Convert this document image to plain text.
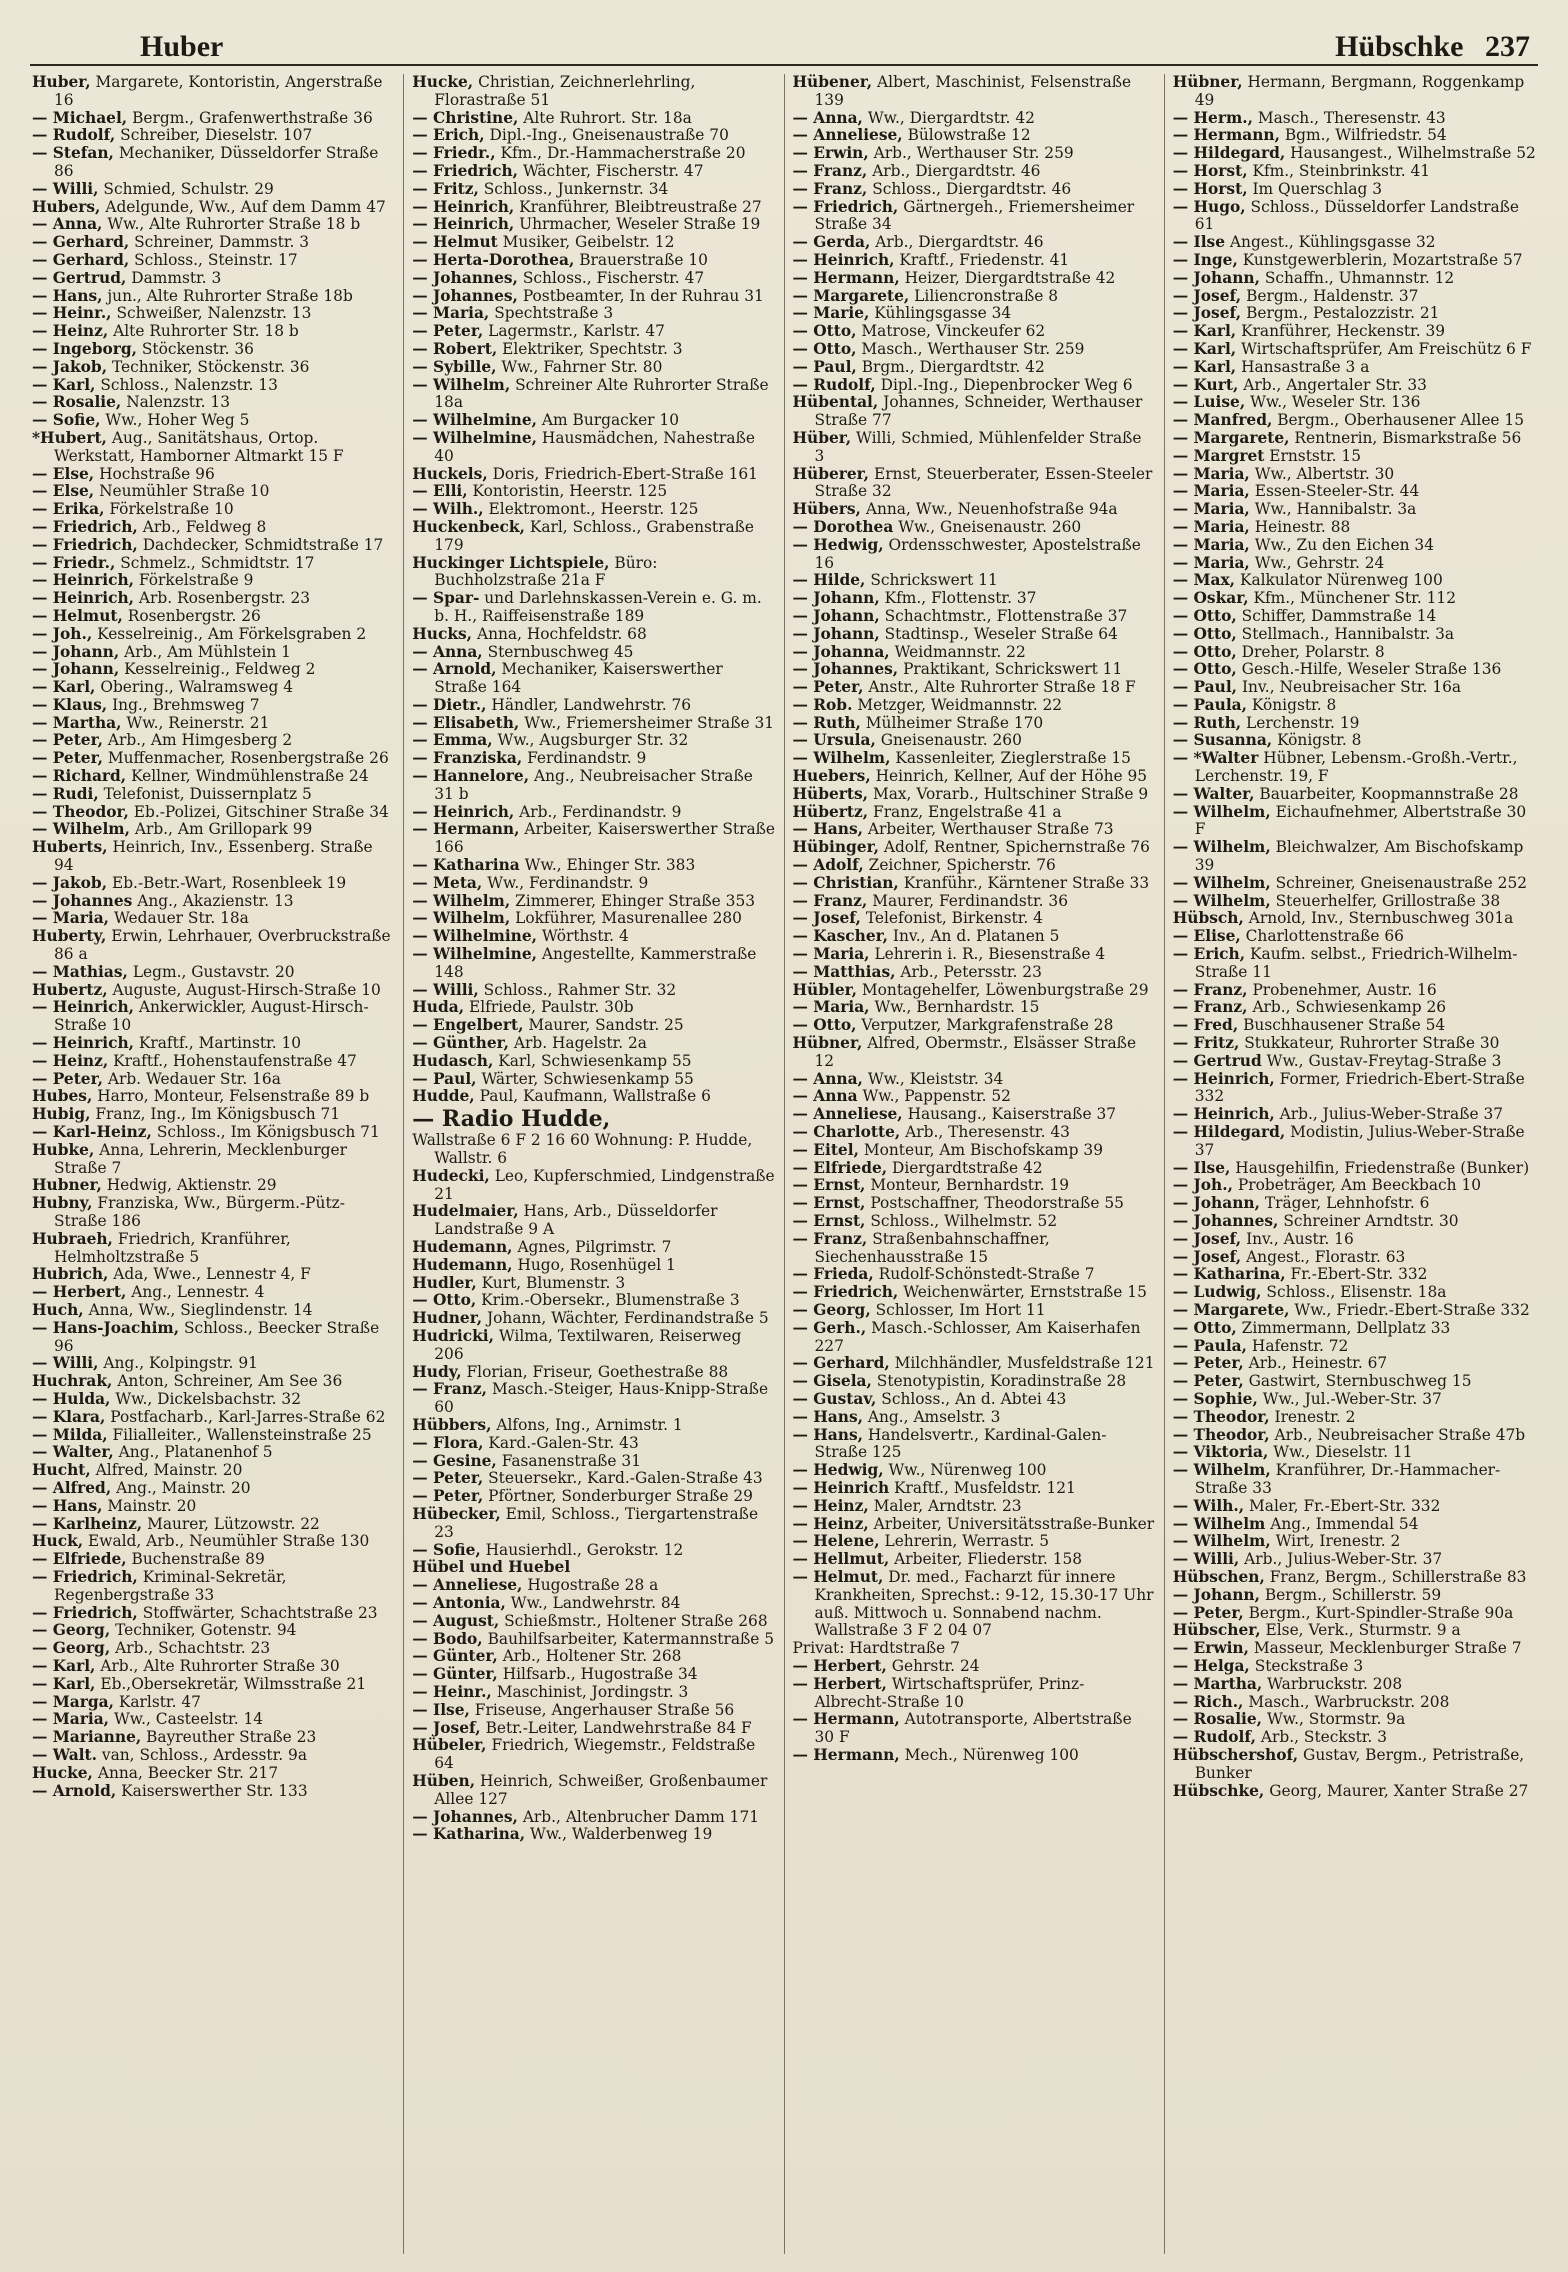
Huber	Hübschke 237

Huber, Margarete, Kontoristin, Angerstraße 16

— Michael, Bergm., Grafenwerthstraße 36

— Rudolf, Schreiber, Dieselstr. 107

— Stefan, Mechaniker, Düsseldorfer Straße 86

— Willi, Schmied, Schulstr. 29

Hubers, Adelgunde, Ww., Auf dem Damm 47

— Anna, Ww., Alte Ruhrorter Straße 18 b

— Gerhard, Schreiner, Dammstr. 3

— Gerhard, Schloss., Steinstr. 17

— Gertrud, Dammstr. 3

— Hans, jun., Alte Ruhrorter Straße 18b

— Heinr., Schweißer, Nalenzstr. 13

— Heinz, Alte Ruhrorter Str. 18 b

— Ingeborg, Stöckenstr. 36

— Jakob, Techniker, Stöckenstr. 36

— Karl, Schloss., Nalenzstr. 13

— Rosalie, Nalenzstr. 13

— Sofie, Ww., Hoher Weg 5

*Hubert, Aug., Sanitätshaus, Ortop. Werkstatt, Hamborner Altmarkt 15 F

— Else, Hochstraße 96

— Else, Neumühler Straße 10

— Erika, Förkelstraße 10

— Friedrich, Arb., Feldweg 8

— Friedrich, Dachdecker, Schmidtstraße 17

— Friedr., Schmelz., Schmidtstr. 17

— Heinrich, Förkelstraße 9

— Heinrich, Arb. Rosenbergstr. 23

— Helmut, Rosenbergstr. 26

— Joh., Kesselreinig., Am Förkelsgraben 2

— Johann, Arb., Am Mühlstein 1

— Johann, Kesselreinig., Feldweg 2

— Karl, Obering., Walramsweg 4

— Klaus, Ing., Brehmsweg 7

— Martha, Ww., Reinerstr. 21

— Peter, Arb., Am Himgesberg 2

— Peter, Muffenmacher, Rosenbergstraße 26

— Richard, Kellner, Windmühlenstraße 24

— Rudi, Telefonist, Duissernplatz 5

— Theodor, Eb.-Polizei, Gitschiner Straße 34

— Wilhelm, Arb., Am Grillopark 99

Huberts, Heinrich, Inv., Essenberg. Straße 94

— Jakob, Eb.-Betr.-Wart, Rosenbleek 19

— Johannes Ang., Akazienstr. 13

— Maria, Wedauer Str. 18a

Huberty, Erwin, Lehrhauer, Overbruckstraße 86 a

— Mathias, Legm., Gustavstr. 20

Hubertz, Auguste, August-Hirsch-Straße 10

— Heinrich, Ankerwickler, August-Hirsch-Straße 10

— Heinrich, Kraftf., Martinstr. 10

— Heinz, Kraftf., Hohenstaufenstraße 47

— Peter, Arb. Wedauer Str. 16a

Hubes, Harro, Monteur, Felsenstraße 89 b

Hubig, Franz, Ing., Im Königsbusch 71

— Karl-Heinz, Schloss., Im Königsbusch 71

Hubke, Anna, Lehrerin, Mecklenburger Straße 7

Hubner, Hedwig, Aktienstr. 29

Hubny, Franziska, Ww., Bürgerm.-Pütz-Straße 186

Hubraeh, Friedrich, Kranführer, Helmholtzstraße 5

Hubrich, Ada, Wwe., Lennestr 4, F

— Herbert, Ang., Lennestr. 4

Huch, Anna, Ww., Sieglindenstr. 14

— Hans-Joachim, Schloss., Beecker Straße 96

— Willi, Ang., Kolpingstr. 91

Huchrak, Anton, Schreiner, Am See 36

— Hulda, Ww., Dickelsbachstr. 32

— Klara, Postfacharb., Karl-Jarres-Straße 62

— Milda, Filialleiter., Wallensteinstraße 25

— Walter, Ang., Platanenhof 5

Hucht, Alfred, Mainstr. 20

— Alfred, Ang., Mainstr. 20

— Hans, Mainstr. 20

— Karlheinz, Maurer, Lützowstr. 22

Huck, Ewald, Arb., Neumühler Straße 130

— Elfriede, Buchenstraße 89

— Friedrich, Kriminal-Sekretär, Regenbergstraße 33

— Friedrich, Stoffwärter, Schachtstraße 23

— Georg, Techniker, Gotenstr. 94

— Georg, Arb., Schachtstr. 23

— Karl, Arb., Alte Ruhrorter Straße 30

— Karl, Eb.,Obersekretär, Wilmsstraße 21

— Marga, Karlstr. 47

— Maria, Ww., Casteelstr. 14

— Marianne, Bayreuther Straße 23

— Walt. van, Schloss., Ardesstr. 9a

Hucke, Anna, Beecker Str. 217

— Arnold, Kaiserswerther Str. 133

Hucke, Christian, Zeichnerlehrling, Florastraße 51

— Christine, Alte Ruhrort. Str. 18a

— Erich, Dipl.-Ing., Gneisenaustraße 70

— Friedr., Kfm., Dr.-Hammacherstraße 20

— Friedrich, Wächter, Fischerstr. 47

— Fritz, Schloss., Junkernstr. 34

— Heinrich, Kranführer, Bleibtreustraße 27

— Heinrich, Uhrmacher, Weseler Straße 19

— Helmut Musiker, Geibelstr. 12

— Herta-Dorothea, Brauerstraße 10

— Johannes, Schloss., Fischerstr. 47

— Johannes, Postbeamter, In der Ruhrau 31

— Maria, Spechtstraße 3

— Peter, Lagermstr., Karlstr. 47

— Robert, Elektriker, Spechtstr. 3

— Sybille, Ww., Fahrner Str. 80

— Wilhelm, Schreiner Alte Ruhrorter Straße 18a

— Wilhelmine, Am Burgacker 10

— Wilhelmine, Hausmädchen, Nahestraße 40

Huckels, Doris, Friedrich-Ebert-Straße 161

— Elli, Kontoristin, Heerstr. 125

— Wilh., Elektromont., Heerstr. 125

Huckenbeck, Karl, Schloss., Grabenstraße 179

Huckinger Lichtspiele, Büro: Buchholzstraße 21a F

— Spar- und Darlehnskassen-Verein e. G. m. b. H., Raiffeisenstraße 189

Hucks, Anna, Hochfeldstr. 68

— Anna, Sternbuschweg 45

— Arnold, Mechaniker, Kaiserswerther Straße 164

— Dietr., Händler, Landwehrstr. 76

— Elisabeth, Ww., Friemersheimer Straße 31

— Emma, Ww., Augsburger Str. 32

— Franziska, Ferdinandstr. 9

— Hannelore, Ang., Neubreisacher Straße 31 b

— Heinrich, Arb., Ferdinandstr. 9

— Hermann, Arbeiter, Kaiserswerther Straße 166

— Katharina Ww., Ehinger Str. 383

— Meta, Ww., Ferdinandstr. 9

— Wilhelm, Zimmerer, Ehinger Straße 353

— Wilhelm, Lokführer, Masurenallee 280

— Wilhelmine, Wörthstr. 4

— Wilhelmine, Angestellte, Kammerstraße 148

— Willi, Schloss., Rahmer Str. 32

Huda, Elfriede, Paulstr. 30b

— Engelbert, Maurer, Sandstr. 25

— Günther, Arb. Hagelstr. 2a

Hudasch, Karl, Schwiesenkamp 55

— Paul, Wärter, Schwiesenkamp 55

Hudde, Paul, Kaufmann, Wallstraße 6

— Radio Hudde,

Wallstraße 6 F 2 16 60 Wohnung: P. Hudde, Wallstr. 6

Hudecki, Leo, Kupferschmied, Lindgenstraße 21

Hudelmaier, Hans, Arb., Düsseldorfer Landstraße 9 A

Hudemann, Agnes, Pilgrimstr. 7

Hudemann, Hugo, Rosenhügel 1

Hudler, Kurt, Blumenstr. 3

— Otto, Krim.-Obersekr., Blumenstraße 3

Hudner, Johann, Wächter, Ferdinandstraße 5

Hudricki, Wilma, Textilwaren, Reiserweg 206

Hudy, Florian, Friseur, Goethestraße 88

— Franz, Masch.-Steiger, Haus-Knipp-Straße 60

Hübbers, Alfons, Ing., Arnimstr. 1

— Flora, Kard.-Galen-Str. 43

— Gesine, Fasanenstraße 31

— Peter, Steuersekr., Kard.-Galen-Straße 43

— Peter, Pförtner, Sonderburger Straße 29

Hübecker, Emil, Schloss., Tiergartenstraße 23

— Sofie, Hausierhdl., Gerokstr. 12

Hübel und Huebel

— Anneliese, Hugostraße 28 a

— Antonia, Ww., Landwehrstr. 84

— August, Schießmstr., Holtener Straße 268

— Bodo, Bauhilfsarbeiter, Katermannstraße 5

— Günter, Arb., Holtener Str. 268

— Günter, Hilfsarb., Hugostraße 34

— Heinr., Maschinist, Jordingstr. 3

— Ilse, Friseuse, Angerhauser Straße 56

— Josef, Betr.-Leiter, Landwehrstraße 84 F

Hübeler, Friedrich, Wiegemstr., Feldstraße 64

Hüben, Heinrich, Schweißer, Großenbaumer Allee 127

— Johannes, Arb., Altenbrucher Damm 171

— Katharina, Ww., Walderbenweg 19

Hübener, Albert, Maschinist, Felsenstraße 139

— Anna, Ww., Diergardtstr. 42

— Anneliese, Bülowstraße 12

— Erwin, Arb., Werthauser Str. 259

— Franz, Arb., Diergardtstr. 46

— Franz, Schloss., Diergardtstr. 46

— Friedrich, Gärtnergeh., Friemersheimer Straße 34

— Gerda, Arb., Diergardtstr. 46

— Heinrich, Kraftf., Friedenstr. 41

— Hermann, Heizer, Diergardtstraße 42

— Margarete, Liliencronstraße 8

— Marie, Kühlingsgasse 34

— Otto, Matrose, Vinckeufer 62

— Otto, Masch., Werthauser Str. 259

— Paul, Brgm., Diergardtstr. 42

— Rudolf, Dipl.-Ing., Diepenbrocker Weg 6

Hübental, Johannes, Schneider, Werthauser Straße 77

Hüber, Willi, Schmied, Mühlenfelder Straße 3

Hüberer, Ernst, Steuerberater, Essen-Steeler Straße 32

Hübers, Anna, Ww., Neuenhofstraße 94a

— Dorothea Ww., Gneisenaustr. 260

— Hedwig, Ordensschwester, Apostelstraße 16

— Hilde, Schrickswert 11

— Johann, Kfm., Flottenstr. 37

— Johann, Schachtmstr., Flottenstraße 37

— Johann, Stadtinsp., Weseler Straße 64

— Johanna, Weidmannstr. 22

— Johannes, Praktikant, Schrickswert 11

— Peter, Anstr., Alte Ruhrorter Straße 18 F

— Rob. Metzger, Weidmannstr. 22

— Ruth, Mülheimer Straße 170

— Ursula, Gneisenaustr. 260

— Wilhelm, Kassenleiter, Zieglerstraße 15

Huebers, Heinrich, Kellner, Auf der Höhe 95

Hüberts, Max, Vorarb., Hultschiner Straße 9

Hübertz, Franz, Engelstraße 41 a

— Hans, Arbeiter, Werthauser Straße 73

Hübinger, Adolf, Rentner, Spichernstraße 76

— Adolf, Zeichner, Spicherstr. 76

— Christian, Kranführ., Kärntener Straße 33

— Franz, Maurer, Ferdinandstr. 36

— Josef, Telefonist, Birkenstr. 4

— Kascher, Inv., An d. Platanen 5

— Maria, Lehrerin i. R., Biesenstraße 4

— Matthias, Arb., Petersstr. 23

Hübler, Montagehelfer, Löwenburgstraße 29

— Maria, Ww., Bernhardstr. 15

— Otto, Verputzer, Markgrafenstraße 28

Hübner, Alfred, Obermstr., Elsässer Straße 12

— Anna, Ww., Kleiststr. 34

— Anna Ww., Pappenstr. 52

— Anneliese, Hausang., Kaiserstraße 37

— Charlotte, Arb., Theresenstr. 43

— Eitel, Monteur, Am Bischofskamp 39

— Elfriede, Diergardtstraße 42

— Ernst, Monteur, Bernhardstr. 19

— Ernst, Postschaffner, Theodorstraße 55

— Ernst, Schloss., Wilhelmstr. 52

— Franz, Straßenbahnschaffner, Siechenhausstraße 15

— Frieda, Rudolf-Schönstedt-Straße 7

— Friedrich, Weichenwärter, Ernststraße 15

— Georg, Schlosser, Im Hort 11

— Gerh., Masch.-Schlosser, Am Kaiserhafen 227

— Gerhard, Milchhändler, Musfeldstraße 121

— Gisela, Stenotypistin, Koradinstraße 28

— Gustav, Schloss., An d. Abtei 43

— Hans, Ang., Amselstr. 3

— Hans, Handelsvertr., Kardinal-Galen-Straße 125

— Hedwig, Ww., Nürenweg 100

— Heinrich Kraftf., Musfeldstr. 121

— Heinz, Maler, Arndtstr. 23

— Heinz, Arbeiter, Universitätsstraße-Bunker

— Helene, Lehrerin, Werrastr. 5

— Hellmut, Arbeiter, Fliederstr. 158

— Helmut, Dr. med., Facharzt für innere Krankheiten, Sprechst.: 9-12, 15.30-17 Uhr auß. Mittwoch u. Sonnabend nachm. Wallstraße 3 F 2 04 07

Privat: Hardtstraße 7

— Herbert, Gehrstr. 24

— Herbert, Wirtschaftsprüfer, Prinz-Albrecht-Straße 10

— Hermann, Autotransporte, Albertstraße 30 F

— Hermann, Mech., Nürenweg 100

Hübner, Hermann, Bergmann, Roggenkamp 49

— Herm., Masch., Theresenstr. 43

— Hermann, Bgm., Wilfriedstr. 54

— Hildegard, Hausangest., Wilhelmstraße 52

— Horst, Kfm., Steinbrinkstr. 41

— Horst, Im Querschlag 3

— Hugo, Schloss., Düsseldorfer Landstraße 61

— Ilse Angest., Kühlingsgasse 32

— Inge, Kunstgewerblerin, Mozartstraße 57

— Johann, Schaffn., Uhmannstr. 12

— Josef, Bergm., Haldenstr. 37

— Josef, Bergm., Pestalozzistr. 21

— Karl, Kranführer, Heckenstr. 39

— Karl, Wirtschaftsprüfer, Am Freischütz 6 F

— Karl, Hansastraße 3 a

— Kurt, Arb., Angertaler Str. 33

— Luise, Ww., Weseler Str. 136

— Manfred, Bergm., Oberhausener Allee 15

— Margarete, Rentnerin, Bismarkstraße 56

— Margret Ernststr. 15

— Maria, Ww., Albertstr. 30

— Maria, Essen-Steeler-Str. 44

— Maria, Ww., Hannibalstr. 3a

— Maria, Heinestr. 88

— Maria, Ww., Zu den Eichen 34

— Maria, Ww., Gehrstr. 24

— Max, Kalkulator Nürenweg 100

— Oskar, Kfm., Münchener Str. 112

— Otto, Schiffer, Dammstraße 14

— Otto, Stellmach., Hannibalstr. 3a

— Otto, Dreher, Polarstr. 8

— Otto, Gesch.-Hilfe, Weseler Straße 136

— Paul, Inv., Neubreisacher Str. 16a

— Paula, Königstr. 8

— Ruth, Lerchenstr. 19

— Susanna, Königstr. 8

— *Walter Hübner, Lebensm.-Großh.-Vertr., Lerchenstr. 19, F

— Walter, Bauarbeiter, Koopmannstraße 28

— Wilhelm, Eichaufnehmer, Albertstraße 30 F

— Wilhelm, Bleichwalzer, Am Bischofskamp 39

— Wilhelm, Schreiner, Gneisenaustraße 252

— Wilhelm, Steuerhelfer, Grillostraße 38

Hübsch, Arnold, Inv., Sternbuschweg 301a

— Elise, Charlottenstraße 66

— Erich, Kaufm. selbst., Friedrich-Wilhelm-Straße 11

— Franz, Probenehmer, Austr. 16

— Franz, Arb., Schwiesenkamp 26

— Fred, Buschhausener Straße 54

— Fritz, Stukkateur, Ruhrorter Straße 30

— Gertrud Ww., Gustav-Freytag-Straße 3

— Heinrich, Former, Friedrich-Ebert-Straße 332

— Heinrich, Arb., Julius-Weber-Straße 37

— Hildegard, Modistin, Julius-Weber-Straße 37

— Ilse, Hausgehilfin, Friedenstraße (Bunker)

— Joh., Probeträger, Am Beeckbach 10

— Johann, Träger, Lehnhofstr. 6

— Johannes, Schreiner Arndtstr. 30

— Josef, Inv., Austr. 16

— Josef, Angest., Florastr. 63

— Katharina, Fr.-Ebert-Str. 332

— Ludwig, Schloss., Elisenstr. 18a

— Margarete, Ww., Friedr.-Ebert-Straße 332

— Otto, Zimmermann, Dellplatz 33

— Paula, Hafenstr. 72

— Peter, Arb., Heinestr. 67

— Peter, Gastwirt, Sternbuschweg 15

— Sophie, Ww., Jul.-Weber-Str. 37

— Theodor, Irenestr. 2

— Theodor, Arb., Neubreisacher Straße 47b

— Viktoria, Ww., Dieselstr. 11

— Wilhelm, Kranführer, Dr.-Hammacher-Straße 33

— Wilh., Maler, Fr.-Ebert-Str. 332

— Wilhelm Ang., Immendal 54

— Wilhelm, Wirt, Irenestr. 2

— Willi, Arb., Julius-Weber-Str. 37

Hübschen, Franz, Bergm., Schillerstraße 83

— Johann, Bergm., Schillerstr. 59

— Peter, Bergm., Kurt-Spindler-Straße 90a

Hübscher, Else, Verk., Sturmstr. 9 a

— Erwin, Masseur, Mecklenburger Straße 7

— Helga, Steckstraße 3

— Martha, Warbruckstr. 208

— Rich., Masch., Warbruckstr. 208

— Rosalie, Ww., Stormstr. 9a

— Rudolf, Arb., Steckstr. 3

Hübschershof, Gustav, Bergm., Petristraße, Bunker

Hübschke, Georg, Maurer, Xanter Straße 27
